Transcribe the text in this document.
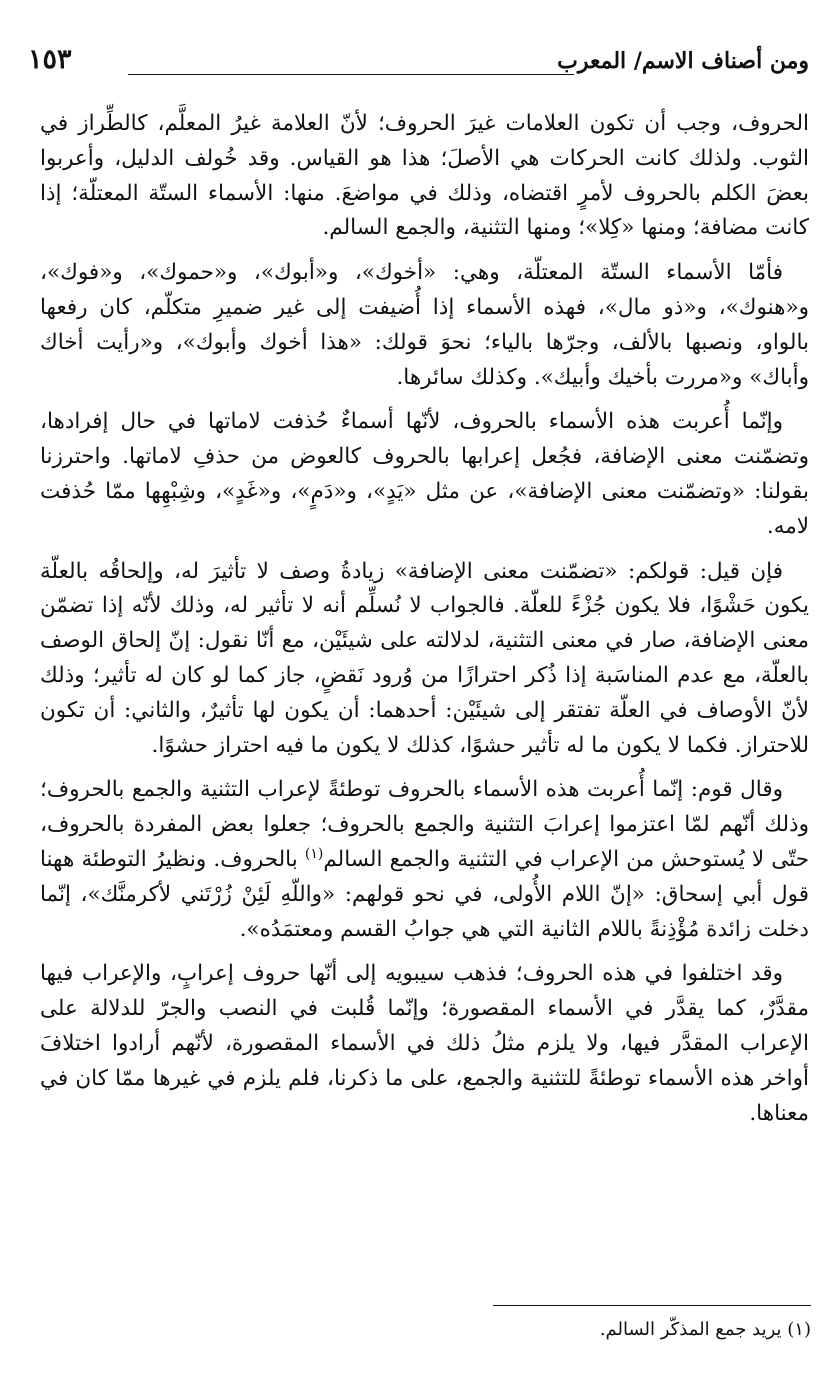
ومن أصناف الاسم/ المعرب
١٥٣

الحروف، وجب أن تكون العلامات غيرَ الحروف؛ لأنّ العلامة غيرُ المعلَّم، كالطِّراز في الثوب. ولذلك كانت الحركات هي الأصلَ؛ هذا هو القياس. وقد خُولف الدليل، وأعربوا بعضَ الكلم بالحروف لأمرٍ اقتضاه، وذلك في مواضعَ. منها: الأسماء الستّة المعتلّة؛ إذا كانت مضافة؛ ومنها «كِلا»؛ ومنها التثنية، والجمع السالم.

فأمّا الأسماء الستّة المعتلّة، وهي: «أخوك»، و«أبوك»، و«حموك»، و«فوك»، و«هنوك»، و«ذو مال»، فهذه الأسماء إذا أُضيفت إلى غير ضميرِ متكلّم، كان رفعها بالواو، ونصبها بالألف، وجرّها بالياء؛ نحوَ قولك: «هذا أخوك وأبوك»، و«رأيت أخاك وأباك» و«مررت بأخيك وأبيك». وكذلك سائرها.

وإنّما أُعربت هذه الأسماء بالحروف، لأنّها أسماءٌ حُذفت لاماتها في حال إفرادها، وتضمّنت معنى الإضافة، فجُعل إعرابها بالحروف كالعوض من حذفِ لاماتها. واحترزنا بقولنا: «وتضمّنت معنى الإضافة»، عن مثل «يَدٍ»، و«دَمٍ»، و«غَدٍ»، وشِبْهِها ممّا حُذفت لامه.

فإن قيل: قولكم: «تضمّنت معنى الإضافة» زيادةُ وصف لا تأثيرَ له، وإلحاقُه بالعلّة يكون حَشْوًا، فلا يكون جُزْءً للعلّة. فالجواب لا نُسلِّم أنه لا تأثير له، وذلك لأنّه إذا تضمّن معنى الإضافة، صار في معنى التثنية، لدلالته على شيئَيْن، مع أنّا نقول: إنّ إلحاق الوصف بالعلّة، مع عدم المناسَبة إذا ذُكر احترازًا من وُرود نَقضٍ، جاز كما لو كان له تأثير؛ وذلك لأنّ الأوصاف في العلّة تفتقر إلى شيئَيْن: أحدهما: أن يكون لها تأثيرٌ، والثاني: أن تكون للاحتراز. فكما لا يكون ما له تأثير حشوًا، كذلك لا يكون ما فيه احتراز حشوًا.

وقال قوم: إنّما أُعربت هذه الأسماء بالحروف توطئةً لإعراب التثنية والجمع بالحروف؛ وذلك أنّهم لمّا اعتزموا إعرابَ التثنية والجمع بالحروف؛ جعلوا بعض المفردة بالحروف، حتّى لا يُستوحش من الإعراب في التثنية والجمع السالم$^{(١)}$ بالحروف. ونظيرُ التوطئة ههنا قول أبي إسحاق: «إنّ اللام الأُولى، في نحو قولهم: «واللّهِ لَئِنْ زُرْتَني لأكرمنَّك»، إنّما دخلت زائدة مُؤْذِنةً باللام الثانية التي هي جوابُ القسم ومعتمَدُه».

وقد اختلفوا في هذه الحروف؛ فذهب سيبويه إلى أنّها حروف إعرابٍ، والإعراب فيها مقدَّرٌ، كما يقدَّر في الأسماء المقصورة؛ وإنّما قُلبت في النصب والجرّ للدلالة على الإعراب المقدَّر فيها، ولا يلزم مثلُ ذلك في الأسماء المقصورة، لأنّهم أرادوا اختلافَ أواخر هذه الأسماء توطئةً للتثنية والجمع، على ما ذكرنا، فلم يلزم في غيرها ممّا كان في معناها.

(١) يريد جمع المذكّر السالم.
